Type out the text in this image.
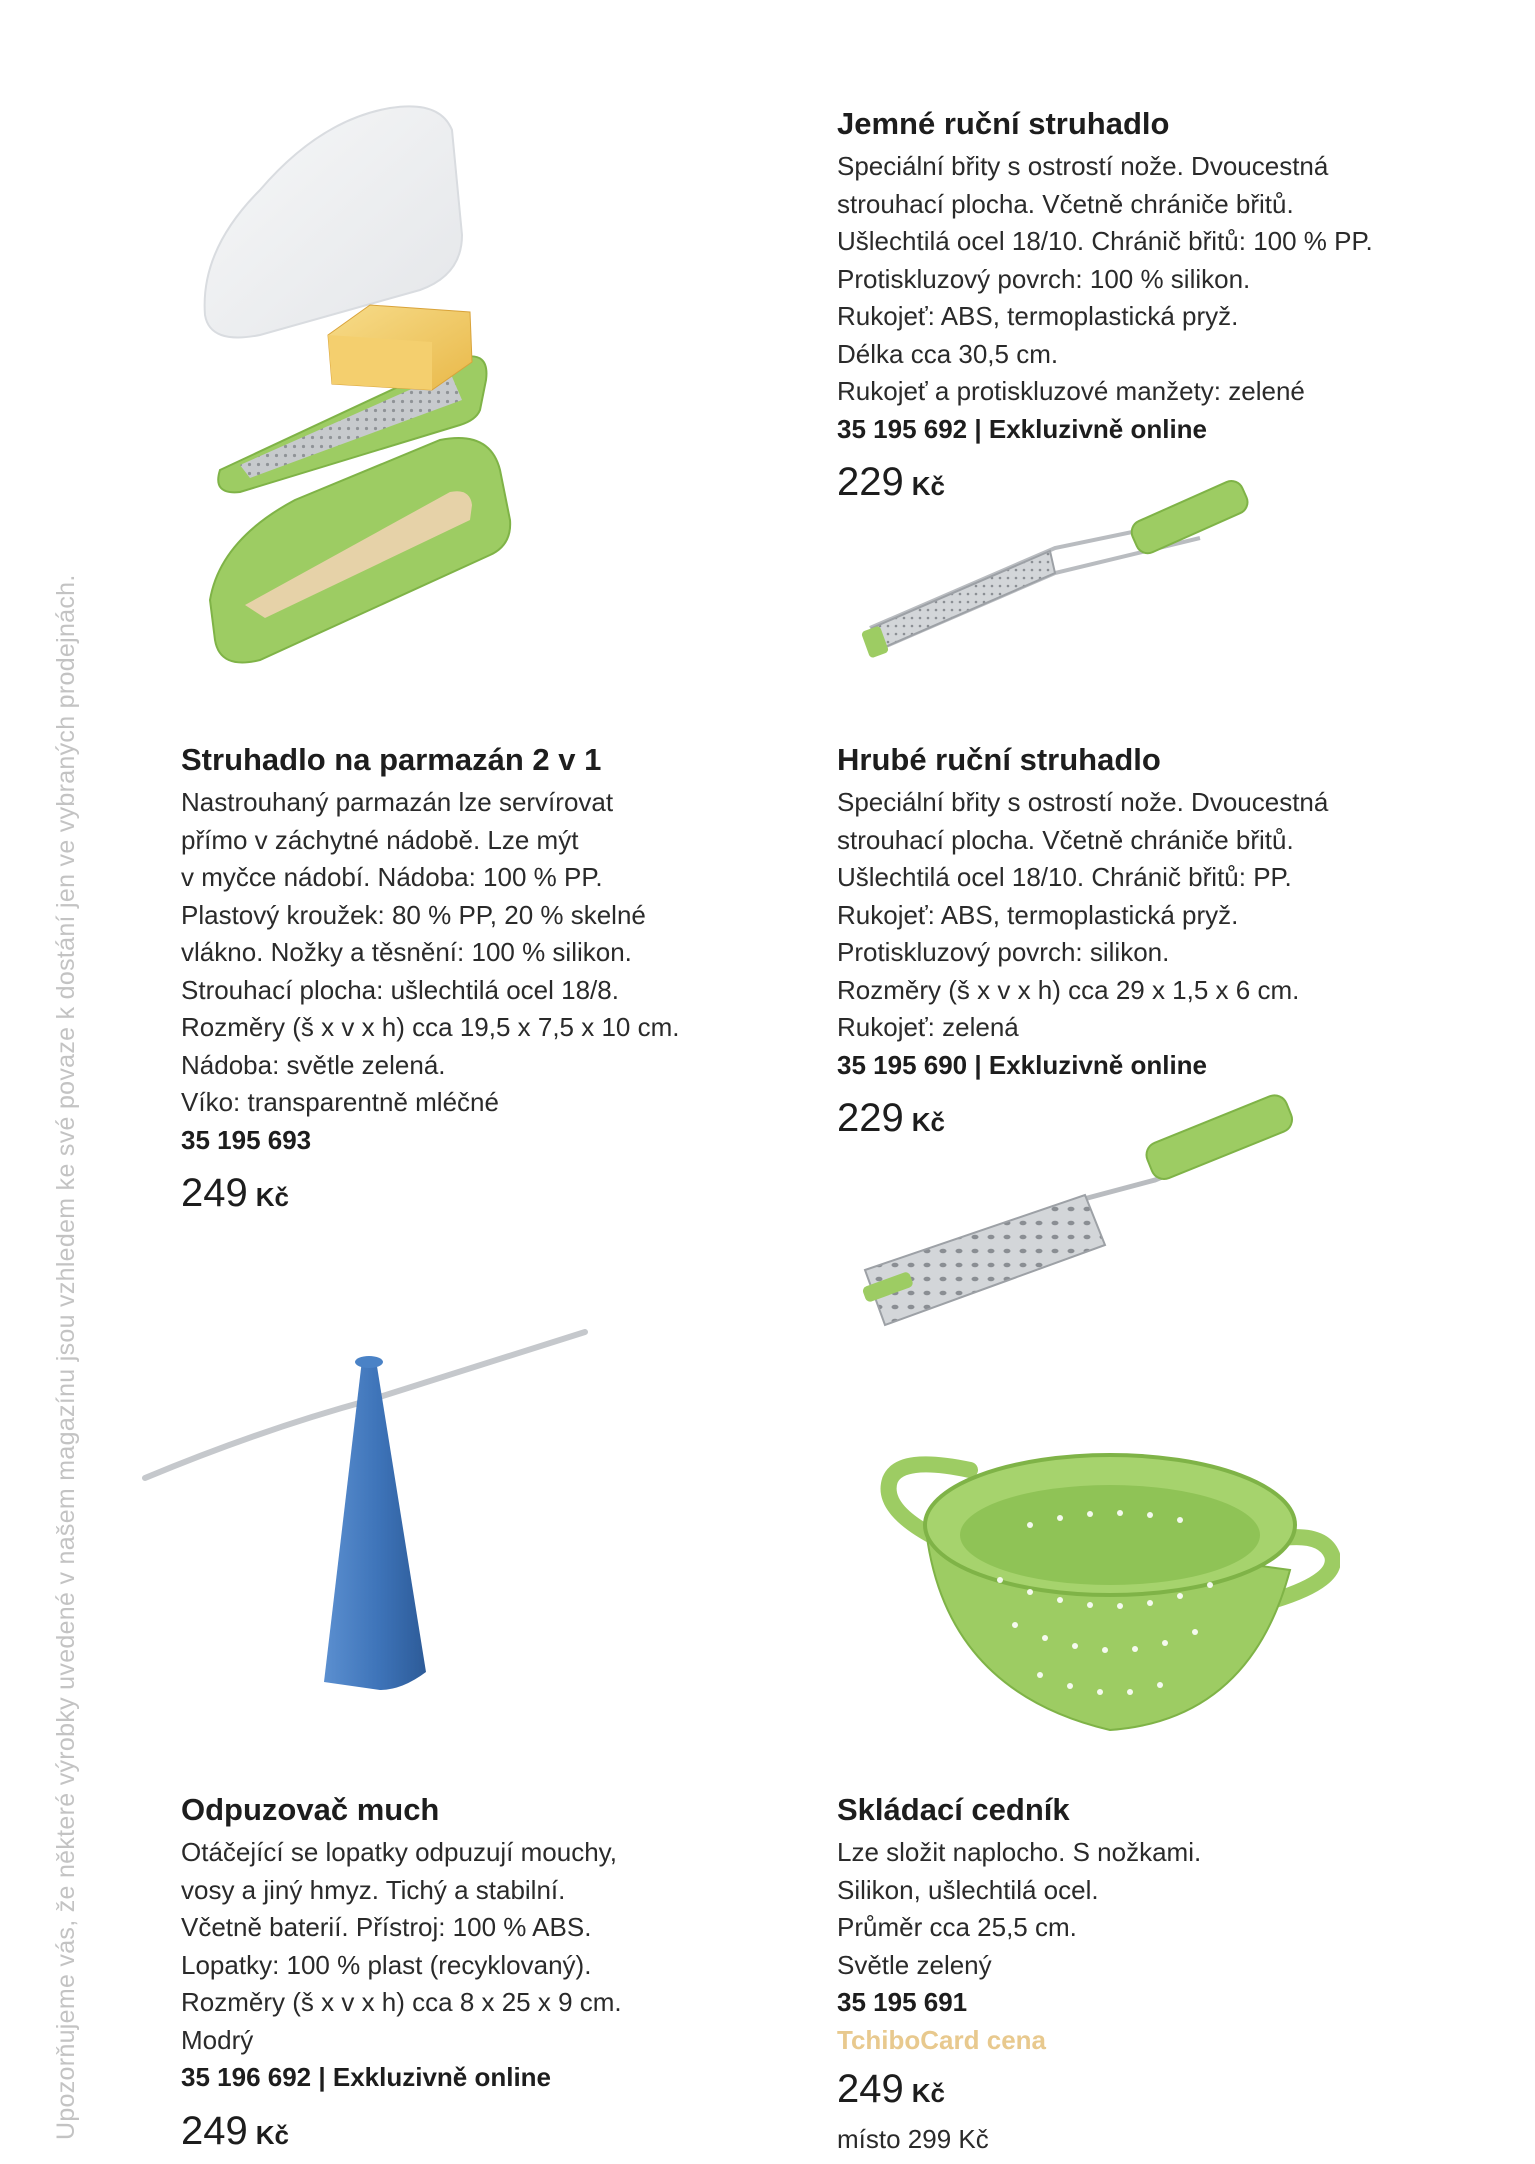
Upozorňujeme vás, že některé výrobky uvedené v našem magazínu jsou vzhledem ke své povaze k dostání jen ve vybraných prodejnách.
Jemné ruční struhadlo
Speciální břity s ostrostí nože. Dvoucestná
strouhací plocha. Včetně chrániče břitů.
Ušlechtilá ocel 18/10. Chránič břitů: 100 % PP.
Protiskluzový povrch: 100 % silikon.
Rukojeť: ABS, termoplastická pryž.
Délka cca 30,5 cm.
Rukojeť a protiskluzové manžety: zelené
35 195 692 | Exkluzivně online
229 Kč
Struhadlo na parmazán 2 v 1
Nastrouhaný parmazán lze servírovat
přímo v záchytné nádobě. Lze mýt
v myčce nádobí. Nádoba: 100 % PP.
Plastový kroužek: 80 % PP, 20 % skelné
vlákno. Nožky a těsnění: 100 % silikon.
Strouhací plocha: ušlechtilá ocel 18/8.
Rozměry (š x v x h) cca 19,5 x 7,5 x 10 cm.
Nádoba: světle zelená.
Víko: transparentně mléčné
35 195 693
249 Kč
Hrubé ruční struhadlo
Speciální břity s ostrostí nože. Dvoucestná
strouhací plocha. Včetně chrániče břitů.
Ušlechtilá ocel 18/10. Chránič břitů: PP.
Rukojeť: ABS, termoplastická pryž.
Protiskluzový povrch: silikon.
Rozměry (š x v x h) cca 29 x 1,5 x 6 cm.
Rukojeť: zelená
35 195 690 | Exkluzivně online
229 Kč
Odpuzovač much
Otáčející se lopatky odpuzují mouchy,
vosy a jiný hmyz. Tichý a stabilní.
Včetně baterií. Přístroj: 100 % ABS.
Lopatky: 100 % plast (recyklovaný).
Rozměry (š x v x h) cca 8 x 25 x 9 cm.
Modrý
35 196 692 | Exkluzivně online
249 Kč
Skládací cedník
Lze složit naplocho. S nožkami.
Silikon, ušlechtilá ocel.
Průměr cca 25,5 cm.
Světle zelený
35 195 691
TchiboCard cena
249 Kč
místo 299 Kč
